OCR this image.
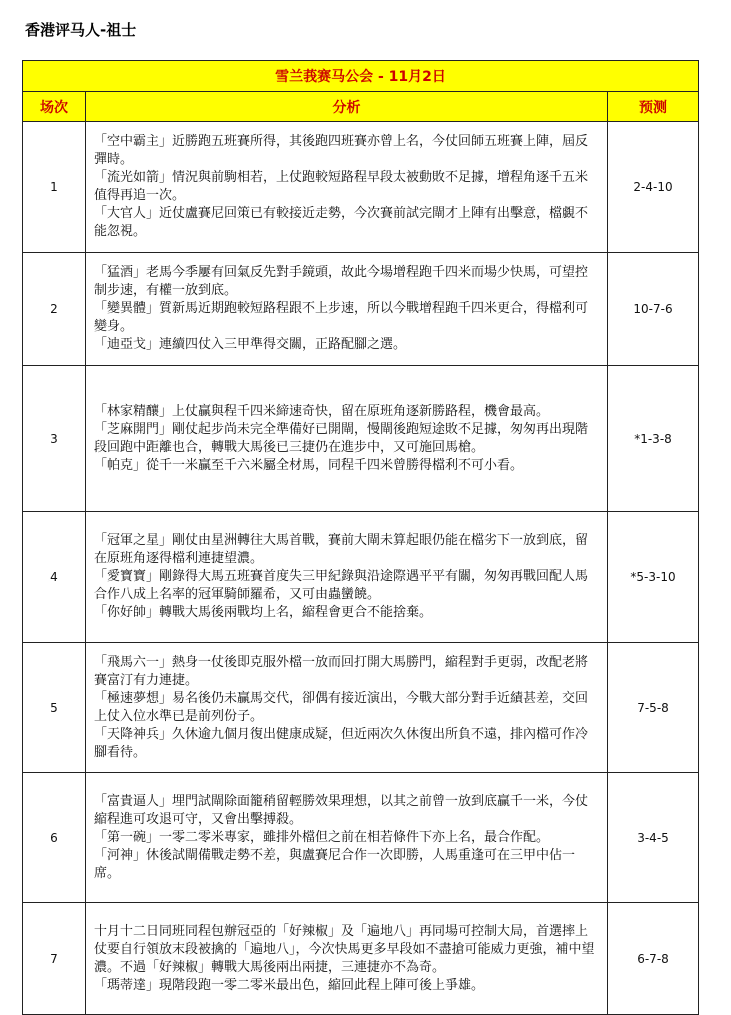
香港评马人-祖士
雪兰莪赛马公会 - 11月2日		
场次	分析	预测
1	「空中霸主」近勝跑五班賽所得，其後跑四班賽亦曾上名，今仗回師五班賽上陣，屆反彈時。
「流光如箭」情況與前駒相若，上仗跑較短路程早段太被動敗不足據，增程角逐千五米值得再追一次。
「大官人」近仗盧賽尼回策已有較接近走勢，今次賽前試完閘才上陣有出擊意，檔覷不能忽視。	2-4-10
2	「猛酒」老馬今季屢有回氣反先對手鏡頭，故此今場增程跑千四米而場少快馬，可望控制步速，有權一放到底。
「變異體」質新馬近期跑較短路程跟不上步速，所以今戰增程跑千四米更合，得檔利可變身。
「迪亞戈」連續四仗入三甲準得交關，正路配腳之選。	10-7-6
3	「林家精釀」上仗贏與程千四米締速奇快，留在原班角逐新勝路程，機會最高。
「芝麻開門」剛仗起步尚未完全準備好已開閘，慢閘後跑短途敗不足據，匆匆再出現階段回跑中距離也合，轉戰大馬後已三捷仍在進步中，又可施回馬槍。
「帕克」從千一米贏至千六米屬全材馬，同程千四米曾勝得檔利不可小看。	*1-3-8
4	「冠軍之星」剛仗由星洲轉往大馬首戰，賽前大閘未算起眼仍能在檔劣下一放到底，留在原班角逐得檔利連捷望濃。
「愛寶寶」剛錄得大馬五班賽首度失三甲紀錄與沿途際遇平平有關，匆匆再戰回配人馬合作八成上名率的冠軍騎師羅希，又可由蟲蠻饒。
「你好帥」轉戰大馬後兩戰均上名，縮程會更合不能捨棄。	*5-3-10
5	「飛馬六一」熱身一仗後即克服外檔一放而回打開大馬勝門，縮程對手更弱，改配老將賽富汀有力連捷。
「極速夢想」易名後仍未贏馬交代，卻偶有接近演出，今戰大部分對手近績甚差，交回上仗入位水準已是前列份子。
「天降神兵」久休逾九個月復出健康成疑，但近兩次久休復出所負不遠，排內檔可作冷腳看待。	7-5-8
6	「富貴逼人」埋門試閘除面籠稍留輕勝效果理想，以其之前曾一放到底贏千一米，今仗縮程進可攻退可守，又會出擊搏殺。
「第一碗」一零二零米專家，雖排外檔但之前在相若條件下亦上名，最合作配。
「河神」休後試閘備戰走勢不差，與盧賽尼合作一次即勝，人馬重逢可在三甲中佔一席。	3-4-5
7	十月十二日同班同程包辦冠亞的「好辣椒」及「遍地八」再同場可控制大局，首選摔上仗要自行領放末段被擒的「遍地八」，今次快馬更多早段如不盡搶可能威力更強，補中望濃。不過「好辣椒」轉戰大馬後兩出兩捷，三連捷亦不為奇。
「瑪蒂達」現階段跑一零二零米最出色，縮回此程上陣可後上爭雄。	6-7-8
